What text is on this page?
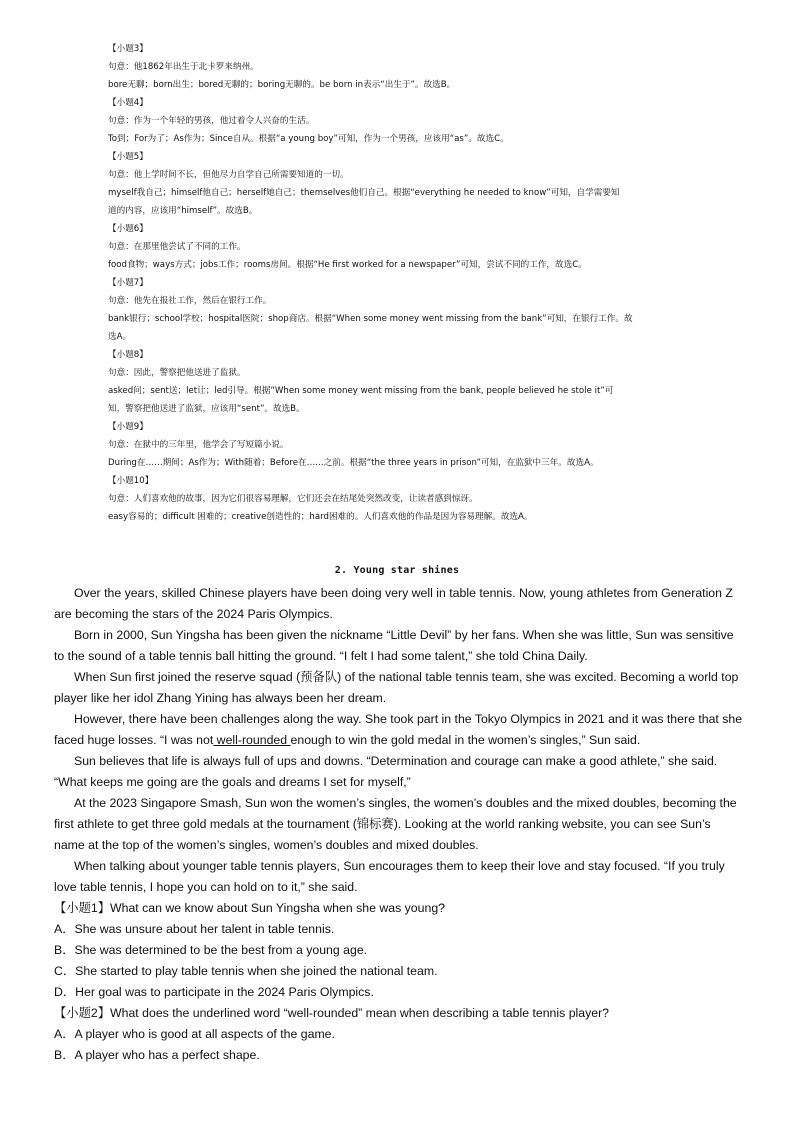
【小题3】
句意：他1862年出生于北卡罗来纳州。
bore无聊；born出生；bored无聊的；boring无聊的。be born in表示“出生于”。故选B。
【小题4】
句意：作为一个年轻的男孩，他过着令人兴奋的生活。
To到；For为了；As作为；Since自从。根据“a young boy”可知，作为一个男孩，应该用“as”。故选C。
【小题5】
句意：他上学时间不长，但他尽力自学自己所需要知道的一切。
myself我自己；himself他自己；herself她自己；themselves他们自己。根据“everything he needed to know”可知，自学需要知
道的内容，应该用“himself”。故选B。
【小题6】
句意：在那里他尝试了不同的工作。
food食物；ways方式；jobs工作；rooms房间。根据“He first worked for a newspaper”可知，尝试不同的工作，故选C。
【小题7】
句意：他先在报社工作，然后在银行工作。
bank银行；school学校；hospital医院；shop商店。根据“When some money went missing from the bank”可知，在银行工作。故
选A。
【小题8】
句意：因此，警察把他送进了监狱。
asked问；sent送；let让；led引导。根据“When some money went missing from the bank, people believed he stole it”可
知，警察把他送进了监狱，应该用“sent”。故选B。
【小题9】
句意：在狱中的三年里，他学会了写短篇小说。
During在……期间；As作为；With随着；Before在……之前。根据“the three years in prison”可知，在监狱中三年。故选A。
【小题10】
句意：人们喜欢他的故事，因为它们很容易理解，它们还会在结尾处突然改变，让读者感到惊讶。
easy容易的；difficult 困难的；creative创造性的；hard困难的。人们喜欢他的作品是因为容易理解。故选A。
2. Young star shines

Over the years, skilled Chinese players have been doing very well in table tennis. Now, young athletes from Generation Z are becoming the stars of the 2024 Paris Olympics.

Born in 2000, Sun Yingsha has been given the nickname “Little Devil” by her fans. When she was little, Sun was sensitive to the sound of a table tennis ball hitting the ground. “I felt I had some talent,” she told China Daily.

When Sun first joined the reserve squad (预备队) of the national table tennis team, she was excited. Becoming a world top player like her idol Zhang Yining has always been her dream.

However, there have been challenges along the way. She took part in the Tokyo Olympics in 2021 and it was there that she faced huge losses. “I was not well-rounded enough to win the gold medal in the women’s singles,” Sun said.

Sun believes that life is always full of ups and downs. “Determination and courage can make a good athlete,” she said. “What keeps me going are the goals and dreams I set for myself,”

At the 2023 Singapore Smash, Sun won the women’s singles, the women’s doubles and the mixed doubles, becoming the first athlete to get three gold medals at the tournament (锦标赛). Looking at the world ranking website, you can see Sun’s name at the top of the women’s singles, women’s doubles and mixed doubles.

When talking about younger table tennis players, Sun encourages them to keep their love and stay focused. “If you truly love table tennis, I hope you can hold on to it,” she said.

【小题1】What can we know about Sun Yingsha when she was young?

A．She was unsure about her talent in table tennis.

B．She was determined to be the best from a young age.

C．She started to play table tennis when she joined the national team.

D．Her goal was to participate in the 2024 Paris Olympics.

【小题2】What does the underlined word “well-rounded” mean when describing a table tennis player?

A．A player who is good at all aspects of the game.

B．A player who has a perfect shape.
